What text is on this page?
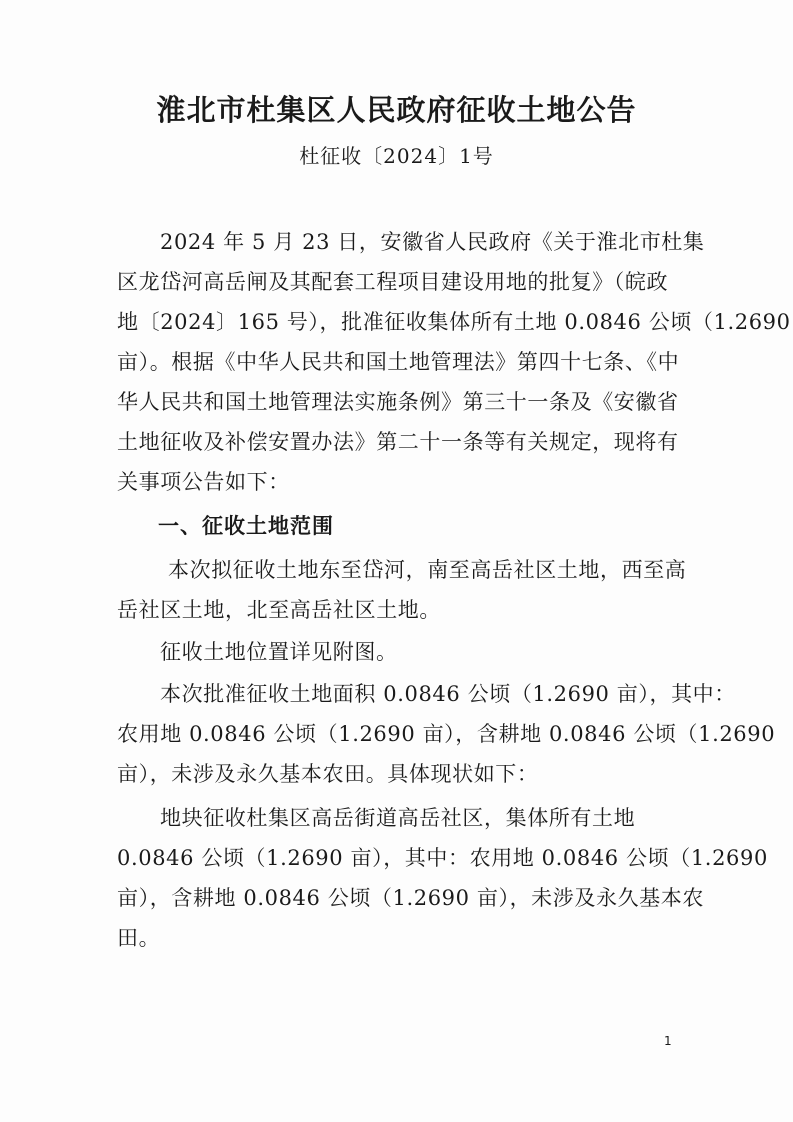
淮北市杜集区人民政府征收土地公告
杜征收〔2024〕1号
2024 年 5 月 23 日，安徽省人民政府《关于淮北市杜集
区龙岱河高岳闸及其配套工程项目建设用地的批复》（皖政
地〔2024〕165 号），批准征收集体所有土地 0.0846 公顷（1.2690
亩）。根据《中华人民共和国土地管理法》第四十七条、《中
华人民共和国土地管理法实施条例》第三十一条及《安徽省
土地征收及补偿安置办法》第二十一条等有关规定，现将有
关事项公告如下：
一、征收土地范围
本次拟征收土地东至岱河，南至高岳社区土地，西至高
岳社区土地，北至高岳社区土地。
征收土地位置详见附图。
本次批准征收土地面积 0.0846 公顷（1.2690 亩），其中：
农用地 0.0846 公顷（1.2690 亩），含耕地 0.0846 公顷（1.2690
亩），未涉及永久基本农田。具体现状如下：
地块征收杜集区高岳街道高岳社区，集体所有土地
0.0846 公顷（1.2690 亩），其中：农用地 0.0846 公顷（1.2690
亩），含耕地 0.0846 公顷（1.2690 亩），未涉及永久基本农
田。
1
